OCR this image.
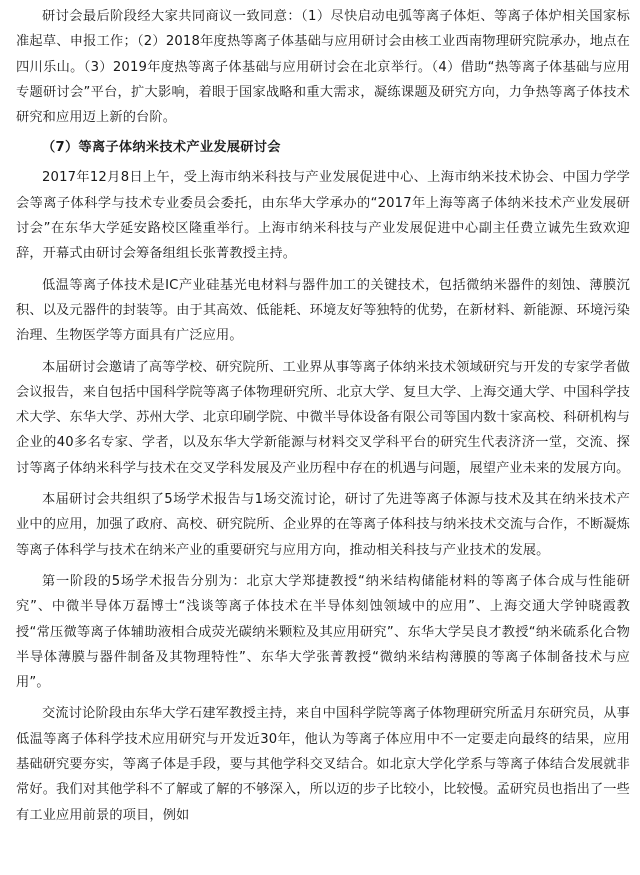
研讨会最后阶段经大家共同商议一致同意：（1）尽快启动电弧等离子体炬、等离子体炉相关国家标准起草、申报工作；（2）2018年度热等离子体基础与应用研讨会由核工业西南物理研究院承办，地点在四川乐山。（3）2019年度热等离子体基础与应用研讨会在北京举行。（4）借助“热等离子体基础与应用专题研讨会”平台，扩大影响，着眼于国家战略和重大需求，凝练课题及研究方向，力争热等离子体技术研究和应用迈上新的台阶。

（7）等离子体纳米技术产业发展研讨会

2017年12月8日上午，受上海市纳米科技与产业发展促进中心、上海市纳米技术协会、中国力学学会等离子体科学与技术专业委员会委托，由东华大学承办的“2017年上海等离子体纳米技术产业发展研讨会”在东华大学延安路校区隆重举行。上海市纳米科技与产业发展促进中心副主任费立诚先生致欢迎辞，开幕式由研讨会筹备组组长张菁教授主持。

低温等离子体技术是IC产业硅基光电材料与器件加工的关键技术，包括微纳米器件的刻蚀、薄膜沉积、以及元器件的封装等。由于其高效、低能耗、环境友好等独特的优势，在新材料、新能源、环境污染治理、生物医学等方面具有广泛应用。

本届研讨会邀请了高等学校、研究院所、工业界从事等离子体纳米技术领域研究与开发的专家学者做会议报告，来自包括中国科学院等离子体物理研究所、北京大学、复旦大学、上海交通大学、中国科学技术大学、东华大学、苏州大学、北京印刷学院、中微半导体设备有限公司等国内数十家高校、科研机构与企业的40多名专家、学者，以及东华大学新能源与材料交叉学科平台的研究生代表济济一堂，交流、探讨等离子体纳米科学与技术在交叉学科发展及产业历程中存在的机遇与问题，展望产业未来的发展方向。

本届研讨会共组织了5场学术报告与1场交流讨论，研讨了先进等离子体源与技术及其在纳米技术产业中的应用，加强了政府、高校、研究院所、企业界的在等离子体科技与纳米技术交流与合作，不断凝炼等离子体科学与技术在纳米产业的重要研究与应用方向，推动相关科技与产业技术的发展。

第一阶段的5场学术报告分别为：北京大学郑捷教授“纳米结构储能材料的等离子体合成与性能研究”、中微半导体万磊博士“浅谈等离子体技术在半导体刻蚀领域中的应用”、上海交通大学钟晓霞教授“常压微等离子体辅助液相合成荧光碳纳米颗粒及其应用研究”、东华大学吴良才教授“纳米硫系化合物半导体薄膜与器件制备及其物理特性”、东华大学张菁教授“微纳米结构薄膜的等离子体制备技术与应用”。

交流讨论阶段由东华大学石建军教授主持，来自中国科学院等离子体物理研究所孟月东研究员，从事低温等离子体科学技术应用研究与开发近30年，他认为等离子体应用中不一定要走向最终的结果，应用基础研究要夯实，等离子体是手段，要与其他学科交叉结合。如北京大学化学系与等离子体结合发展就非常好。我们对其他学科不了解或了解的不够深入，所以迈的步子比较小，比较慢。孟研究员也指出了一些有工业应用前景的项目，例如
